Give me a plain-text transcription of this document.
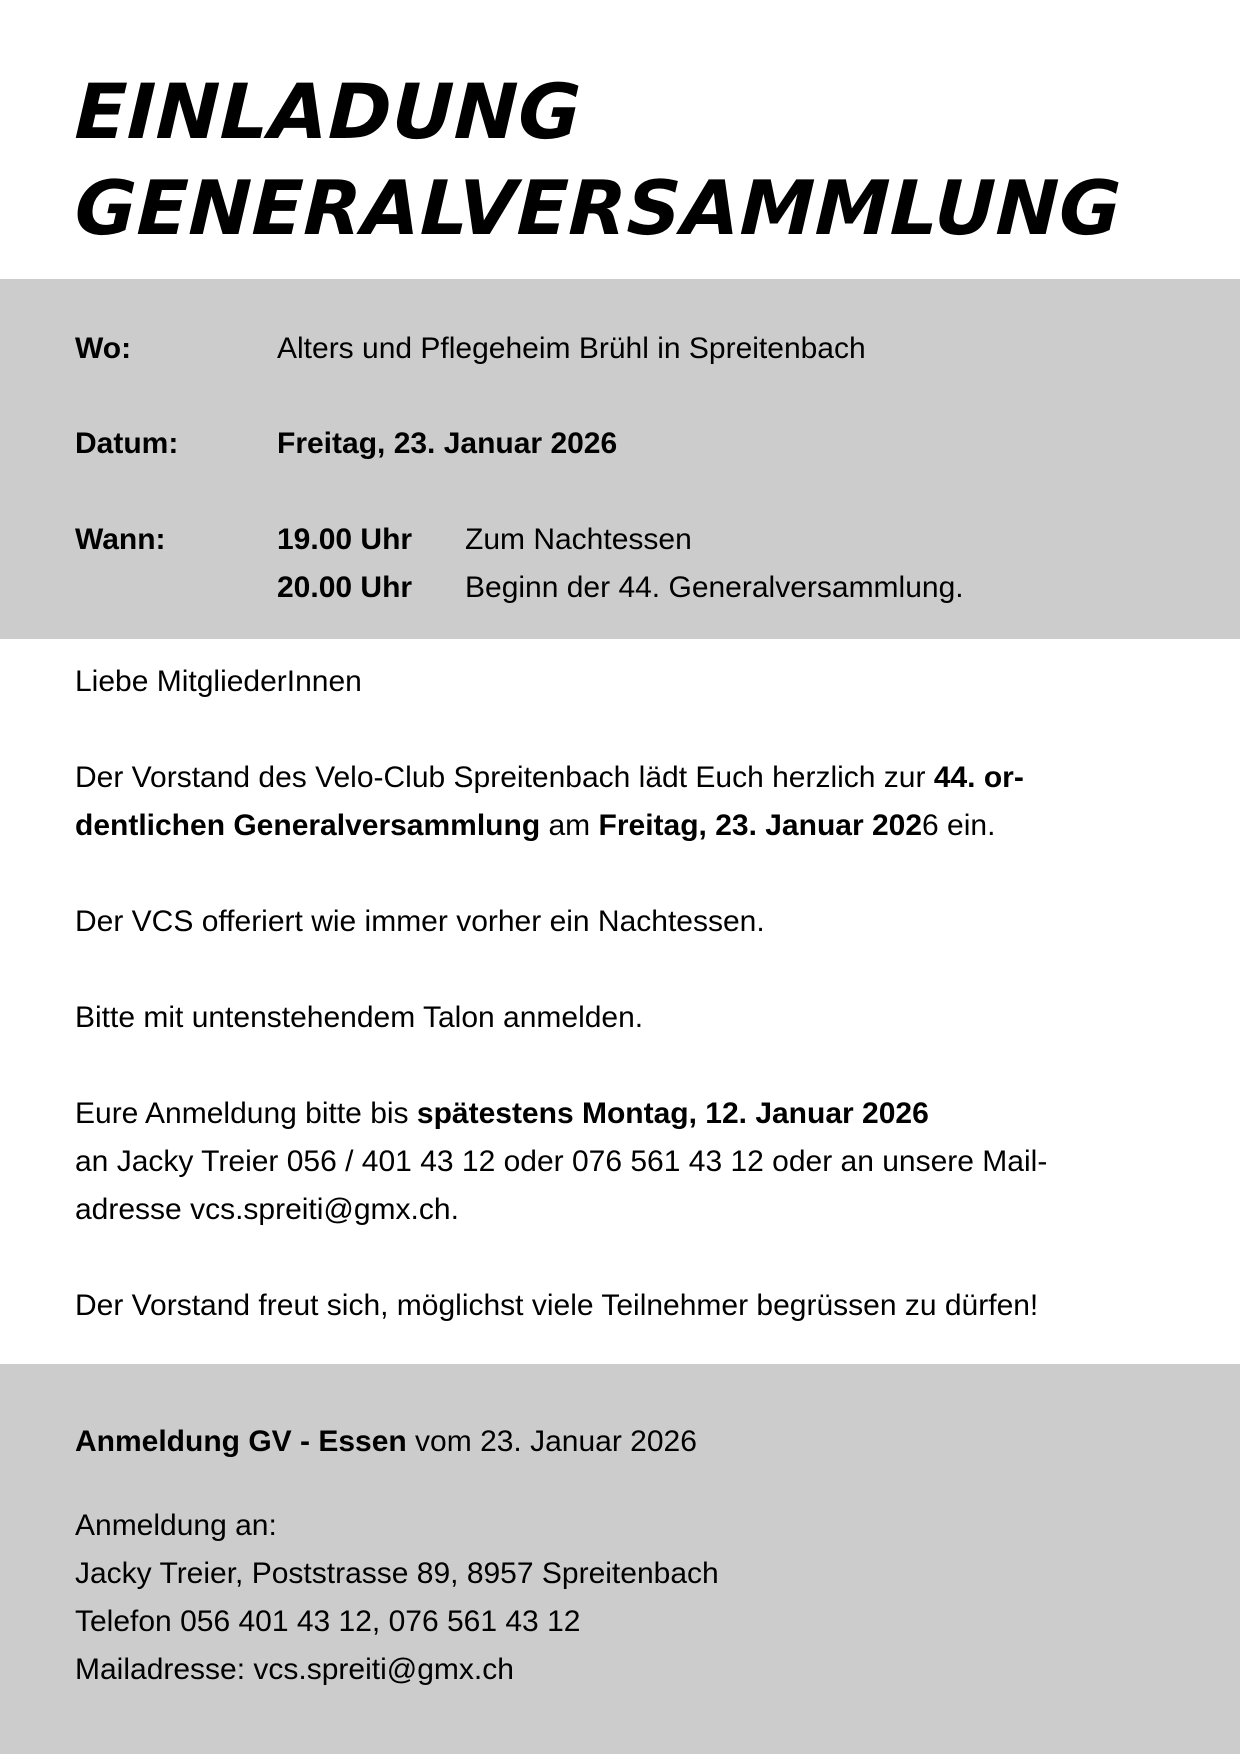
EINLADUNG
GENERALVERSAMMLUNG
Wo:	Alters und Pflegeheim Brühl in Spreitenbach
Datum:	Freitag, 23. Januar 2026
Wann:	19.00 Uhr Zum Nachtessen
20.00 Uhr Beginn der 44. Generalversammlung.
Liebe MitgliederInnen
Der Vorstand des Velo-Club Spreitenbach lädt Euch herzlich zur 44. or-
dentlichen Generalversammlung am Freitag, 23. Januar 2026 ein.
Der VCS offeriert wie immer vorher ein Nachtessen.
Bitte mit untenstehendem Talon anmelden.
Eure Anmeldung bitte bis spätestens Montag, 12. Januar 2026
an Jacky Treier 056 / 401 43 12 oder 076 561 43 12 oder an unsere Mail-
adresse vcs.spreiti@gmx.ch.
Der Vorstand freut sich, möglichst viele Teilnehmer begrüssen zu dürfen!
Anmeldung GV - Essen vom 23. Januar 2026
Anmeldung an:
Jacky Treier, Poststrasse 89, 8957 Spreitenbach
Telefon 056 401 43 12, 076 561 43 12
Mailadresse: vcs.spreiti@gmx.ch
